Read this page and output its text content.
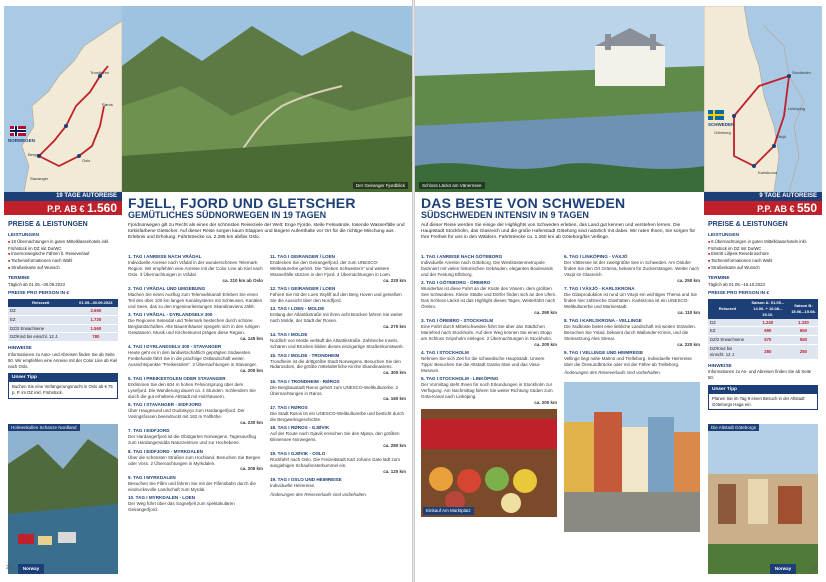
NORWEGEN
Bergen
Oslo
Stavanger
Trondheim
Røros
19 TAGE AUTOREISE
P.P. AB € 1.560
PREISE & LEISTUNGEN
LEISTUNGEN
■ 18 Übernachtungen in guten Mittelklassehotels inkl. Frühstück im DZ mit Du/WC
■ Innernorwegische Fähren lt. Reiseverlauf
■ Tacheninformationen nach Wahl
■ Straßenkarte auf Wunsch
TERMINE
Täglich ab 01.05.–30.09.2023
PREISE PRO PERSON IN €
Reisezeit	01.05.–30.09.2023
DZ	2.650
EZ	1.720
DZ/2 Erwachsene	1.560
DZ/Kind bis einschl. 12 J.	780
HINWEISE
Informationen zu Auto- und Abreisen finden Sie ab Seite 50. Wir empfehlen eine Anreise mit der Color Line ab Kiel nach Oslo.
Unser Tipp
Buchen Sie eine Verlängerungsnacht in Oslo ab € 75 p. P. im DZ inkl. Frühstück.
Holmenkollen Schanze Nordland
Der Geiranger Fjordblick
FJELL, FJORD UND GLETSCHER
GEMÜTLICHES SÜDNORWEGEN IN 19 TAGEN
Fjordnorwegen gilt zu Recht als eines der schönsten Reiseziele der Welt: Enge Fjorde, steile Felswände, tosende Wasserfälle und türkisfarbene Gletscher. Auf dieser Reise sorgen kaum Etappen und längere Aufenthalte vor Ort für die richtige Mischung aus Erlebnis und Erholung. Fahrtstrecke ca. 2.285 km ab/bis Oslo.
1. TAG I ANREISE NACH VRÅDAL
Individuelle Anreise nach Vrådal in der wunderschönen Telemark-Region. Wir empfehlen eine Anreise mit der Color Line ab Kiel nach Oslo. 3 Übernachtungen in Vrådal.
ca. 210 km ab Oslo
2. TAG I VRÅDAL UND UMGEBUNG
Machen Sie einen Ausflug zum Telemarkkanal! Erleben Sie einen Teil des über 100 km langen Kanalsystems mit Schleusen, Kanälen und Seen, das zu den Ingenieurleistungen Skandinaviens zählt.
3. TAG I VRÅDAL - DYRLANDSELV 300
Die Regionen Setesdal und Telemark bestechen durch schöne Berglandschaften. Alte Bauernhäuser spiegeln sich in den ruhigen Gewässern. Musik und Kirchenkunst prägen diese Region.
ca. 145 km
4. TAG I DYRLANDSELV 300 - STAVANGER
Heute geht es in den landwirtschaftlich geprägten Südwesten. Freibefunde fährt Sie in die prachtige Ostlandschaft weiter. Aussichtspunkte "Preikestolen". 2 Übernachtungen in Stavanger.
ca. 200 km
5. TAG I PREIKESTOLEN ODER STAVANGER
Erklimmen Sie den 604 m hohen Felsvorsprung über dem Lysefjord. Die Wanderung dauert ca. 4 Stunden. Schlendern Sie durch die gut erhaltene Altstadt mit Holzhäusern.
6. TAG I STAVANGER - EIDFJORD
Über Haugesund und Oudrakyrjo zum Hardangerfjord. Der Vøringsfossen beeindruckt mit 182 m Fallhöhe.
ca. 230 km
7. TAG I EIDFJORD
Der Hardangerfjord ist die Obstgarten Norwegens. Tagesausflug zum Hardangervidda Naturzentrum und zur Hochebene.
8. TAG I EIDFJORD - MYRKDALEN
Über die schönsten Straßen zum Hochland. Besuchen Sie Bergen oder Voss. 2 Übernachtungen in Myrkdalen.
ca. 205 km
9. TAG I MYRKDALEN
Besuchen Sie Flåm und fahren Sie mit der Flåmsbahn durch die eindrucksvolle Landschaft zum Myrdal.
10. TAG I MYRKDALEN - LOEN
Der Weg führt über das Sognefjell zum spektakulären Geirangerfjord.
11. TAG I GEIRANGER / LOEN
Entdecken Sie den Geirangerfjord, der zum UNESCO-Weltnaturerbe gehört. Die "Sieben Schwestern" und weitere Wasserfälle stürzen in den Fjord. 3 Übernachtungen in Loen.
ca. 220 km
12. TAG I GEIRANGER / LOEN
Fahren Sie mit der Loen Skylift auf den Berg Hoven und genießen Sie die Aussicht über den Nordfjord.
13. TAG I LOEN - MOLDE
Entlang der Atlantikstraße mit ihren acht Brücken fahren Sie weiter nach Molde, der Stadt der Rosen.
ca. 270 km
14. TAG I MOLDE
Nordlich von Molde verläuft die Atlantikstraße. Zahlreiche Inseln, Schären und Brücken bilden dieses einzigartige Straßenkunstwerk.
15. TAG I MOLDE - TRONDHEIM
Trondheim ist die drittgrößte Stadt Norwegens. Besuchen Sie den Nidarosdom, die größte mittelalterliche Kirche Skandinaviens.
ca. 300 km
16. TAG I TRONDHEIM - RØROS
Die Bergbaustadt Røros gehört zum UNESCO-Weltkulturerbe. 2 Übernachtungen in Røros.
ca. 160 km
17. TAG I RØROS
Die Stadt Røros ist ein UNESCO-Weltkulturerbe und besticht durch die Bergwerksgeschichte.
18. TAG I RØROS - GJØVIK
Auf der Route nach Gjøvik erreichen Sie den Mjøsa, den größten Binnensee Norwegens.
ca. 280 km
19. TAG I GJØVIK - OSLO
Rückfahrt nach Oslo. Die Freizeitstadt Karl Johans Gate lädt zum ausgiebigen Schaufensterbummel ein.
ca. 120 km
19. TAG I OSLO UND HEIMREISE
Individuelle Heimreise.
Änderungen des Reiseverlaufs sind vorbehalten.
24	Norway
Schloss Läckö am Vänernsee
DAS BESTE VON SCHWEDEN
SÜDSCHWEDEN INTENSIV IN 9 TAGEN
Auf dieser Reise werden Sie einige der Highlights von Schweden erleben, das Land gut kennen und verstehen lernen. Die Hauptstadt Stockholm, das Glasreich und die große Hafenstadt Göteborg sind natürlich mit dabei. Wir raten Ihnen, Sie sorgen für Ihre Freiheit für uns in den Wäldern. Fahrtstrecke ca. 1.260 km ab Göteborg/bis Vellinge.
1. TAG I ANREISE NACH GÖTEBORG
Individuelle Anreise nach Göteborg. Die Westküstenmetropole fasziniert mit vielen historischen Gebäuden, eleganten Boulevards und der Festung Elfsborg.
2. TAG I GÖTEBORG - ÖREBRO
Wunderbar ist diese Fahrt an der Küste des Vänern, dem größten See Schwedens. Kleine Städte und Dörfer finden sich an den Ufern. Das Schloss Läckö ist das Highlight dieses Tages. Weiterfahrt nach Örebro.
ca. 290 km
3. TAG I ÖREBRO - STOCKHOLM
Eine Fahrt durch Mittelschweden führt Sie über das Städtchen Mariefred nach Stockholm. Auf dem Weg können Sie einen Stopp am Schloss Gripsholm einlegen. 2 Übernachtungen in Stockholm.
ca. 200 km
4. TAG I STOCKHOLM
Nehmen Sie sich Zeit für die schwedische Hauptstadt. Unsere Tipps: Besuchen Sie die Altstadt Gamla Stan und das Vasa-Museum.
5. TAG I STOCKHOLM - LINKÖPING
Der Vormittag steht Ihnen für noch Erkundungen in Stockholm zur Verfügung. Am Nachmittag fahren Sie weiter Richtung Süden zum Göta-Kanal nach Linköping.
ca. 200 km
Einkauf Am Marktplatz
6. TAG I LINKÖPING - VÄXJÖ
Der Vättersee ist der zweitgrößte See in Schweden. Am Ostufer finden Sie den Ort Gränna, bekannt für Zuckerstangen. Weiter nach Växjö im Glasreich.
ca. 250 km
7. TAG I VÄXJÖ - KARLSKRONA
Die Glasproduktion ist rund um Växjö ein wichtiges Thema und Sie finden hier zahlreiche Glashütten. Karlskrona ist ein UNESCO-Weltkulturerbe und Marinestadt.
ca. 110 km
8. TAG I KARLSKRONA - VELLINGE
Die Südküste bietet eine liebliche Landschaft mit weiten Stränden. Besuchen Sie Ystad, bekannt durch Wallander-Krimis, und die Steinsetzung Ales Stenar.
ca. 220 km
9. TAG I VELLINGE UND HEIMREISE
Vellinge liegt nahe Malmö und Trelleborg. Individuelle Heimreise über die Öresundbrücke oder mit der Fähre ab Trelleborg.
Änderungen des Reiseverlaufs sind vorbehalten.
SCHWEDEN
Stockholm
Göteborg
Växjö
Karlskrona
Linköping
9 TAGE AUTOREISE
P.P. AB € 550
PREISE & LEISTUNGEN
LEISTUNGEN
■ 8 Übernachtungen in guten Mittelklassehotels inkl. Frühstück im DZ mit Du/WC
■ Eintritt Lilljeek Reisebroschüre
■ Tacheninformationen nach Wahl
■ Straßenkarte auf Wunsch
TERMINE
Täglich ab 01.05.–15.10.2023
PREISE PRO PERSON IN €
Reisezeit	Saison A: 01.05.–14.06. + 16.08.–15.10.	Saison B: 15.06.–15.08.
DZ	1.240	1.330
EZ	690	650
DZ/2 Erwachsene	570	550
DZ/Kind bis einschl. 12 J.	280	280
HINWEISE
Informationen zu An- und Abreisen finden Sie ab Seite 50.
Unser Tipp
Planen Sie im Tag 9 einen Besuch in der Altstadt Göteborgs Haga ein.
Die Altstadt Göteborgs
Norway	25
